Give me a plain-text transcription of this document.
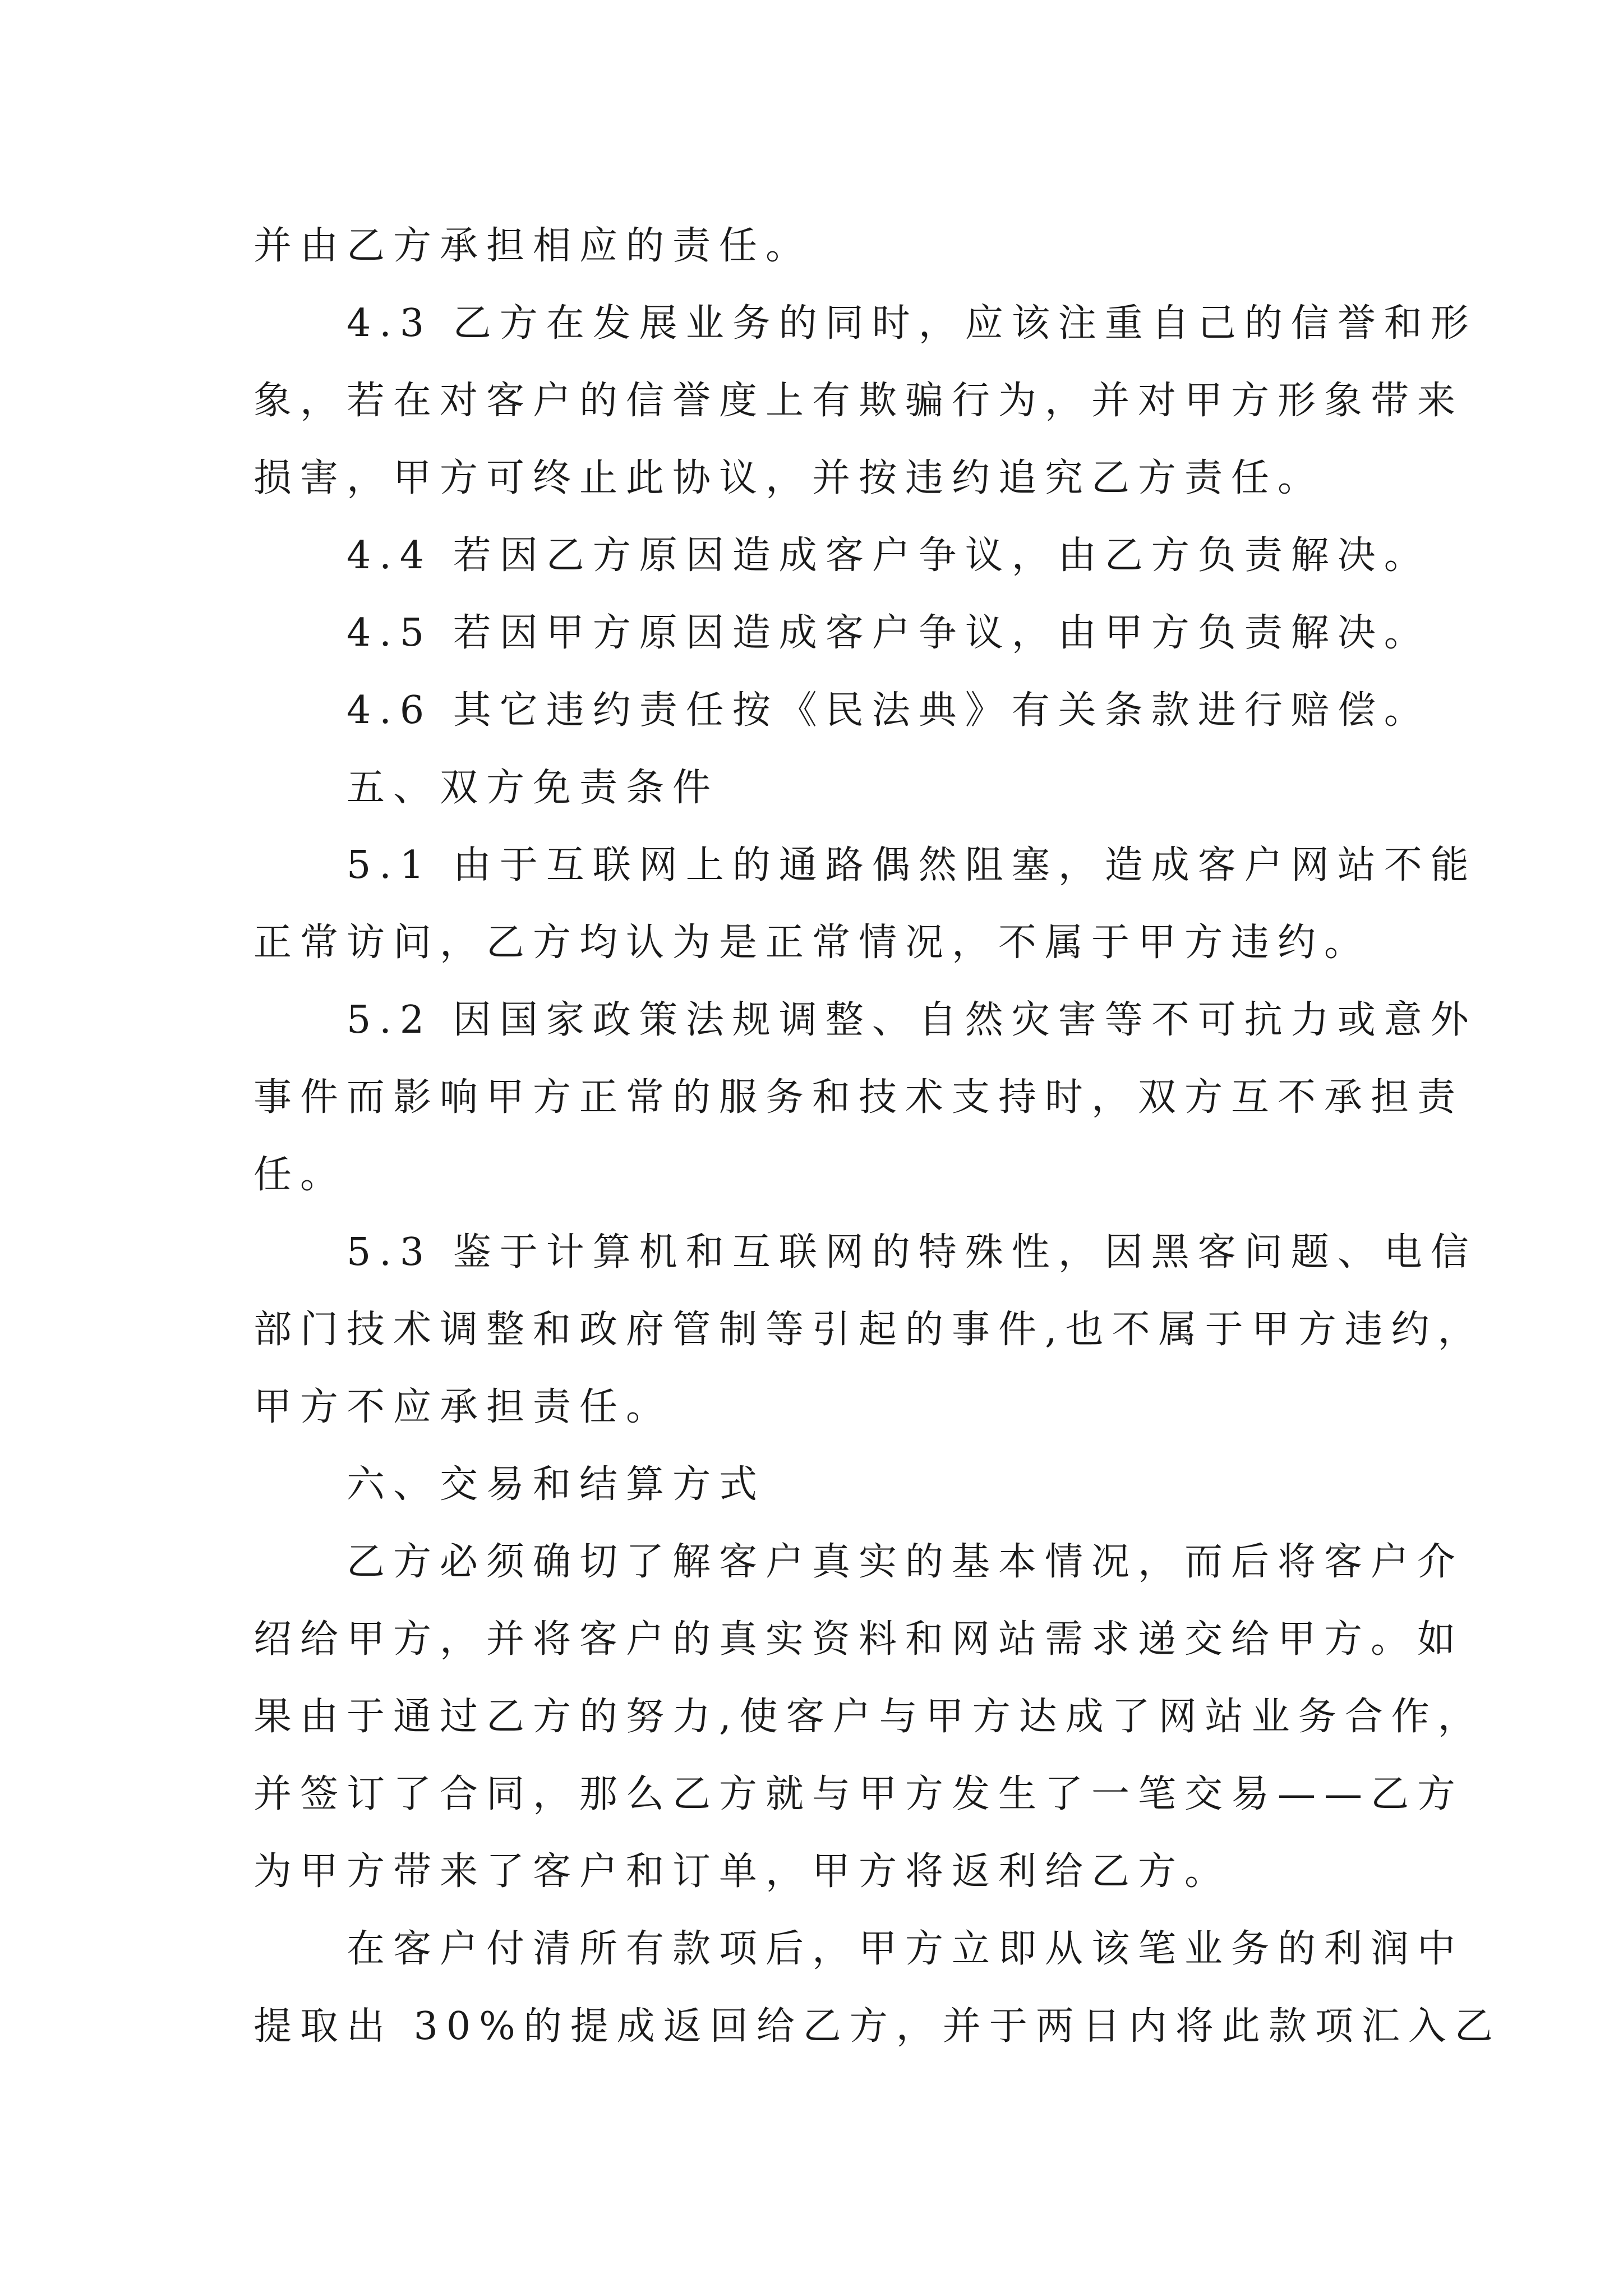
并由乙方承担相应的责任。

4.3 乙方在发展业务的同时，应该注重自己的信誉和形
象，若在对客户的信誉度上有欺骗行为，并对甲方形象带来
损害，甲方可终止此协议，并按违约追究乙方责任。

4.4 若因乙方原因造成客户争议，由乙方负责解决。

4.5 若因甲方原因造成客户争议，由甲方负责解决。

4.6 其它违约责任按《民法典》有关条款进行赔偿。

五、双方免责条件

5.1 由于互联网上的通路偶然阻塞，造成客户网站不能
正常访问，乙方均认为是正常情况，不属于甲方违约。

5.2 因国家政策法规调整、自然灾害等不可抗力或意外
事件而影响甲方正常的服务和技术支持时，双方互不承担责
任。

5.3 鉴于计算机和互联网的特殊性，因黑客问题、电信
部门技术调整和政府管制等引起的事件,也不属于甲方违约，
甲方不应承担责任。

六、交易和结算方式

乙方必须确切了解客户真实的基本情况，而后将客户介
绍给甲方，并将客户的真实资料和网站需求递交给甲方。如
果由于通过乙方的努力,使客户与甲方达成了网站业务合作，
并签订了合同，那么乙方就与甲方发生了一笔交易——乙方
为甲方带来了客户和订单，甲方将返利给乙方。

在客户付清所有款项后，甲方立即从该笔业务的利润中
提取出 30%的提成返回给乙方，并于两日内将此款项汇入乙
